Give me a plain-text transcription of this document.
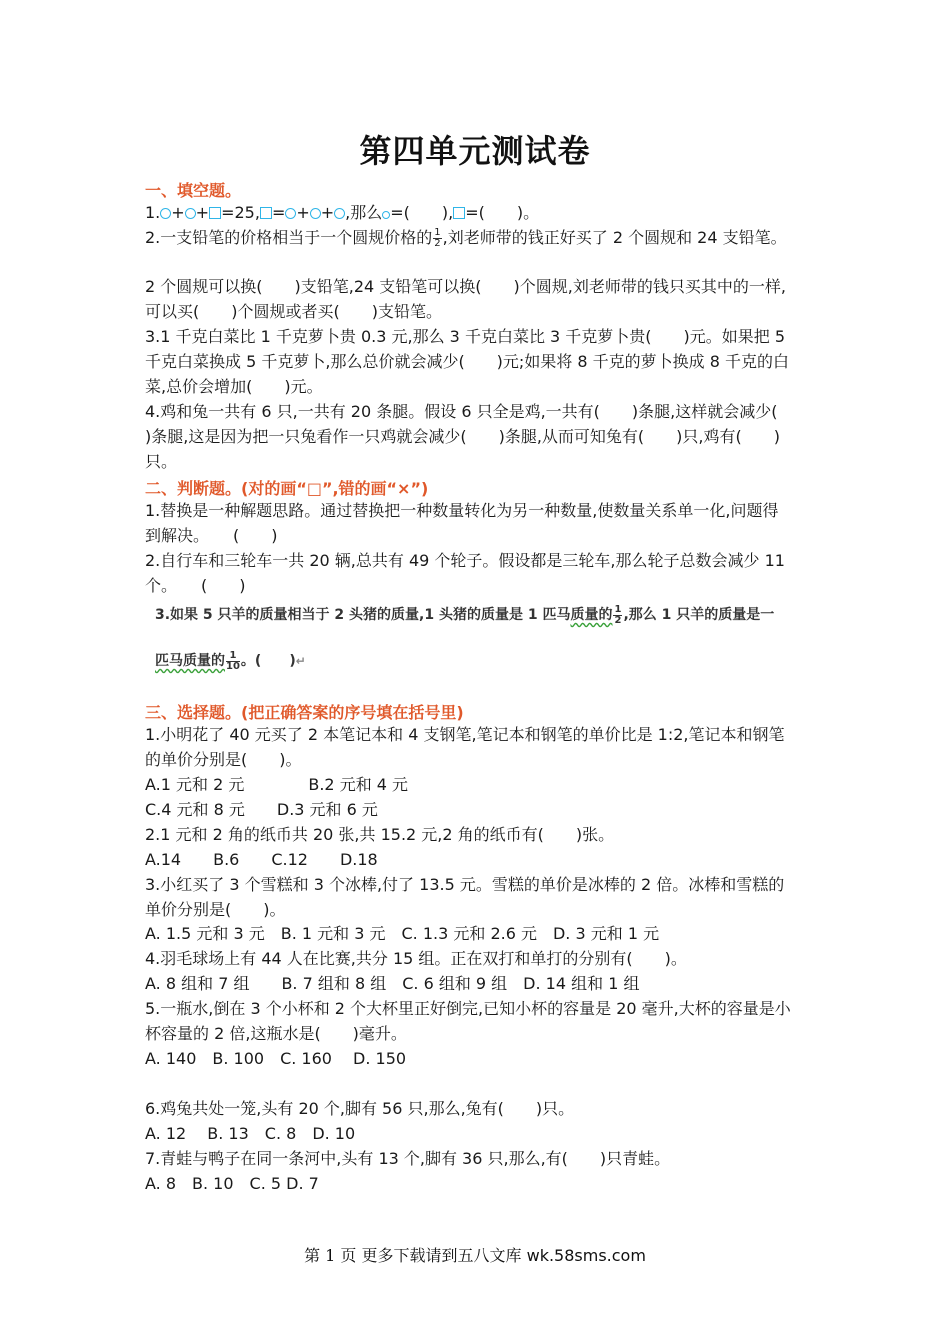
第四单元测试卷
一、填空题。
1. + + =25, = + + ,那么 =(　　), =(　　)。
2.一支铅笔的价格相当于一个圆规价格的 $\frac{1}{2}$ ,刘老师带的钱正好买了 2 个圆规和 24 支铅笔。
2 个圆规可以换(　　)支铅笔,24 支铅笔可以换(　　)个圆规,刘老师带的钱只买其中的一样,
可以买(　　)个圆规或者买(　　)支铅笔。
3.1 千克白菜比 1 千克萝卜贵 0.3 元,那么 3 千克白菜比 3 千克萝卜贵(　　)元。如果把 5
千克白菜换成 5 千克萝卜,那么总价就会减少(　　)元;如果将 8 千克的萝卜换成 8 千克的白
菜,总价会增加(　　)元。
4.鸡和兔一共有 6 只,一共有 20 条腿。假设 6 只全是鸡,一共有(　　)条腿,这样就会减少(
)条腿,这是因为把一只兔看作一只鸡就会减少(　　)条腿,从而可知兔有(　　)只,鸡有(　　)
只。
二、判断题。(对的画“□”,错的画“×”)
1.替换是一种解题思路。通过替换把一种数量转化为另一种数量,使数量关系单一化,问题得
到解决。　　(　　)
2.自行车和三轮车一共 20 辆,总共有 49 个轮子。假设都是三轮车,那么轮子总数会减少 11
个。　　(　　)
3.如果 5 只羊的质量相当于 2 头猪的质量,1 头猪的质量是 1 匹马质量的 $\frac{1}{2}$ ,那么 1 只羊的质量是一
匹马质量的 $\frac{1}{10}$ 。(　　)↵
三、选择题。(把正确答案的序号填在括号里)
1.小明花了 40 元买了 2 本笔记本和 4 支钢笔,笔记本和钢笔的单价比是 1:2,笔记本和钢笔
的单价分别是(　　)。
A.1 元和 2 元　　　　B.2 元和 4 元
C.4 元和 8 元　　D.3 元和 6 元
2.1 元和 2 角的纸币共 20 张,共 15.2 元,2 角的纸币有(　　)张。
A.14　　B.6　　C.12　　D.18
3.小红买了 3 个雪糕和 3 个冰棒,付了 13.5 元。雪糕的单价是冰棒的 2 倍。冰棒和雪糕的
单价分别是(　　)。
A. 1.5 元和 3 元　B. 1 元和 3 元　C. 1.3 元和 2.6 元　D. 3 元和 1 元
4.羽毛球场上有 44 人在比赛,共分 15 组。正在双打和单打的分别有(　　)。
A. 8 组和 7 组　　B. 7 组和 8 组　C. 6 组和 9 组　D. 14 组和 1 组
5.一瓶水,倒在 3 个小杯和 2 个大杯里正好倒完,已知小杯的容量是 20 毫升,大杯的容量是小
杯容量的 2 倍,这瓶水是(　　)毫升。
A. 140　B. 100　C. 160　 D. 150
6.鸡兔共处一笼,头有 20 个,脚有 56 只,那么,兔有(　　)只。
A. 12　 B. 13　C. 8　D. 10
7.青蛙与鸭子在同一条河中,头有 13 个,脚有 36 只,那么,有(　　)只青蛙。
A. 8　B. 10　C. 5 D. 7
第 1 页 更多下载请到五八文库 wk.58sms.com
